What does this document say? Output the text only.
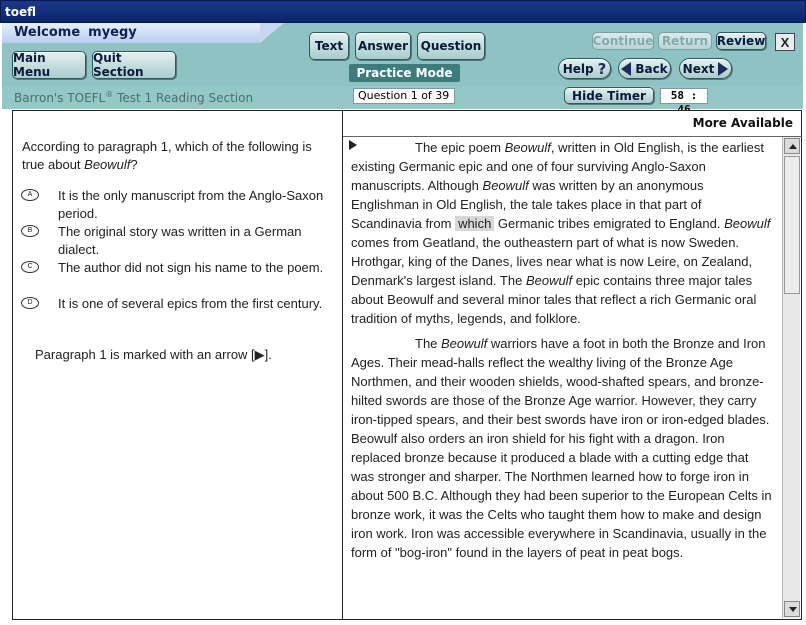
toefl
Welcome myegy
Main Menu
Quit Section
Text	Answer	Question
Practice Mode
Continue Return Review	X
Help ? Back Next
Barron's TOEFL® Test 1 Reading Section	Question 1 of 39	Hide Timer	58 :
According to paragraph 1, which of the following is true about Beowulf?
A	It is the only manuscript from the Anglo-Saxon period.
B	The original story was written in a German dialect.
C	The author did not sign his name to the poem.
D	It is one of several epics from the first century.
Paragraph 1 is marked with an arrow [▶].
More Available

The epic poem Beowulf, written in Old English, is the earliest existing Germanic epic and one of four surviving Anglo-Saxon manuscripts. Although Beowulf was written by an anonymous Englishman in Old English, the tale takes place in that part of Scandinavia from which Germanic tribes emigrated to England. Beowulf comes from Geatland, the outheastern part of what is now Sweden. Hrothgar, king of the Danes, lives near what is now Leire, on Zealand, Denmark's largest island. The Beowulf epic contains three major tales about Beowulf and several minor tales that reflect a rich Germanic oral tradition of myths, legends, and folklore.

The Beowulf warriors have a foot in both the Bronze and Iron Ages. Their mead-halls reflect the wealthy living of the Bronze Age Northmen, and their wooden shields, wood-shafted spears, and bronze-hilted swords are those of the Bronze Age warrior. However, they carry iron-tipped spears, and their best swords have iron or iron-edged blades. Beowulf also orders an iron shield for his fight with a dragon. Iron replaced bronze because it produced a blade with a cutting edge that was stronger and sharper. The Northmen learned how to forge iron in about 500 B.C. Although they had been superior to the European Celts in bronze work, it was the Celts who taught them how to make and design iron work. Iron was accessible everywhere in Scandinavia, usually in the form of "bog-iron" found in the layers of peat in peat bogs.
